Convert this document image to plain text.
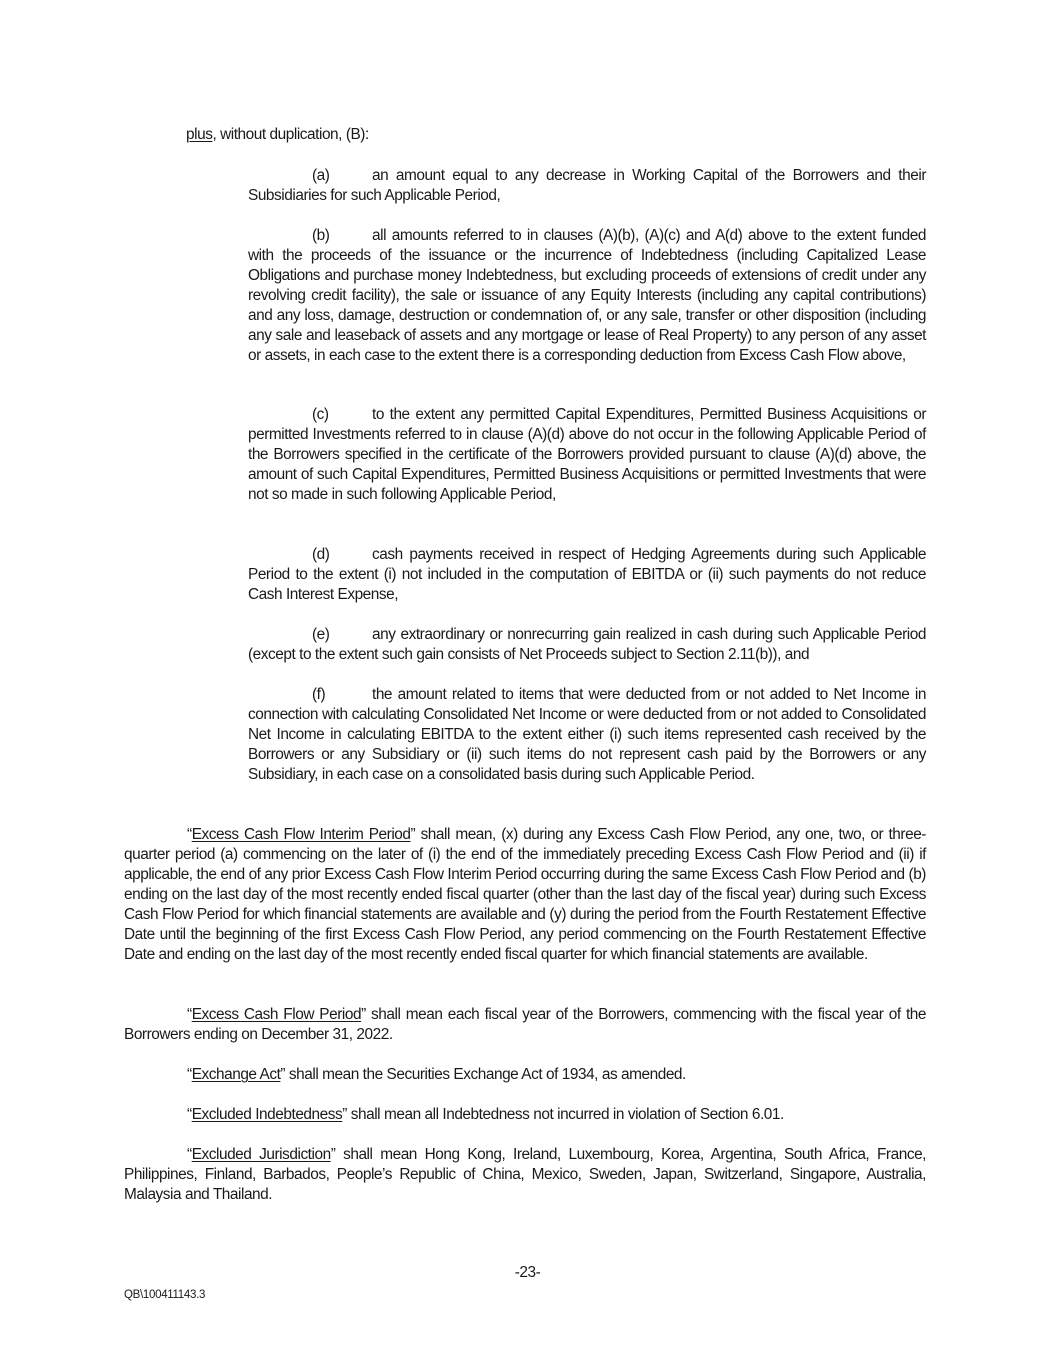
plus, without duplication, (B):

(a)	an amount equal to any decrease in Working Capital of the Borrowers and their Subsidiaries for such Applicable Period,

(b)	all amounts referred to in clauses (A)(b), (A)(c) and A(d) above to the extent funded with the proceeds of the issuance or the incurrence of Indebtedness (including Capitalized Lease Obligations and purchase money Indebtedness, but excluding proceeds of extensions of credit under any revolving credit facility), the sale or issuance of any Equity Interests (including any capital contributions) and any loss, damage, destruction or condemnation of, or any sale, transfer or other disposition (including any sale and leaseback of assets and any mortgage or lease of Real Property) to any person of any asset or assets, in each case to the extent there is a corresponding deduction from Excess Cash Flow above,

(c)	to the extent any permitted Capital Expenditures, Permitted Business Acquisitions or permitted Investments referred to in clause (A)(d) above do not occur in the following Applicable Period of the Borrowers specified in the certificate of the Borrowers provided pursuant to clause (A)(d) above, the amount of such Capital Expenditures, Permitted Business Acquisitions or permitted Investments that were not so made in such following Applicable Period,

(d)	cash payments received in respect of Hedging Agreements during such Applicable Period to the extent (i) not included in the computation of EBITDA or (ii) such payments do not reduce Cash Interest Expense,

(e)	any extraordinary or nonrecurring gain realized in cash during such Applicable Period (except to the extent such gain consists of Net Proceeds subject to Section 2.11(b)), and

(f)	the amount related to items that were deducted from or not added to Net Income in connection with calculating Consolidated Net Income or were deducted from or not added to Consolidated Net Income in calculating EBITDA to the extent either (i) such items represented cash received by the Borrowers or any Subsidiary or (ii) such items do not represent cash paid by the Borrowers or any Subsidiary, in each case on a consolidated basis during such Applicable Period.

“Excess Cash Flow Interim Period” shall mean, (x) during any Excess Cash Flow Period, any one, two, or three-quarter period (a) commencing on the later of (i) the end of the immediately preceding Excess Cash Flow Period and (ii) if applicable, the end of any prior Excess Cash Flow Interim Period occurring during the same Excess Cash Flow Period and (b) ending on the last day of the most recently ended fiscal quarter (other than the last day of the fiscal year) during such Excess Cash Flow Period for which financial statements are available and (y) during the period from the Fourth Restatement Effective Date until the beginning of the first Excess Cash Flow Period, any period commencing on the Fourth Restatement Effective Date and ending on the last day of the most recently ended fiscal quarter for which financial statements are available.

“Excess Cash Flow Period” shall mean each fiscal year of the Borrowers, commencing with the fiscal year of the Borrowers ending on December 31, 2022.

“Exchange Act” shall mean the Securities Exchange Act of 1934, as amended.

“Excluded Indebtedness” shall mean all Indebtedness not incurred in violation of Section 6.01.

“Excluded Jurisdiction” shall mean Hong Kong, Ireland, Luxembourg, Korea, Argentina, South Africa, France, Philippines, Finland, Barbados, People’s Republic of China, Mexico, Sweden, Japan, Switzerland, Singapore, Australia, Malaysia and Thailand.

-23-
QB\100411143.3
